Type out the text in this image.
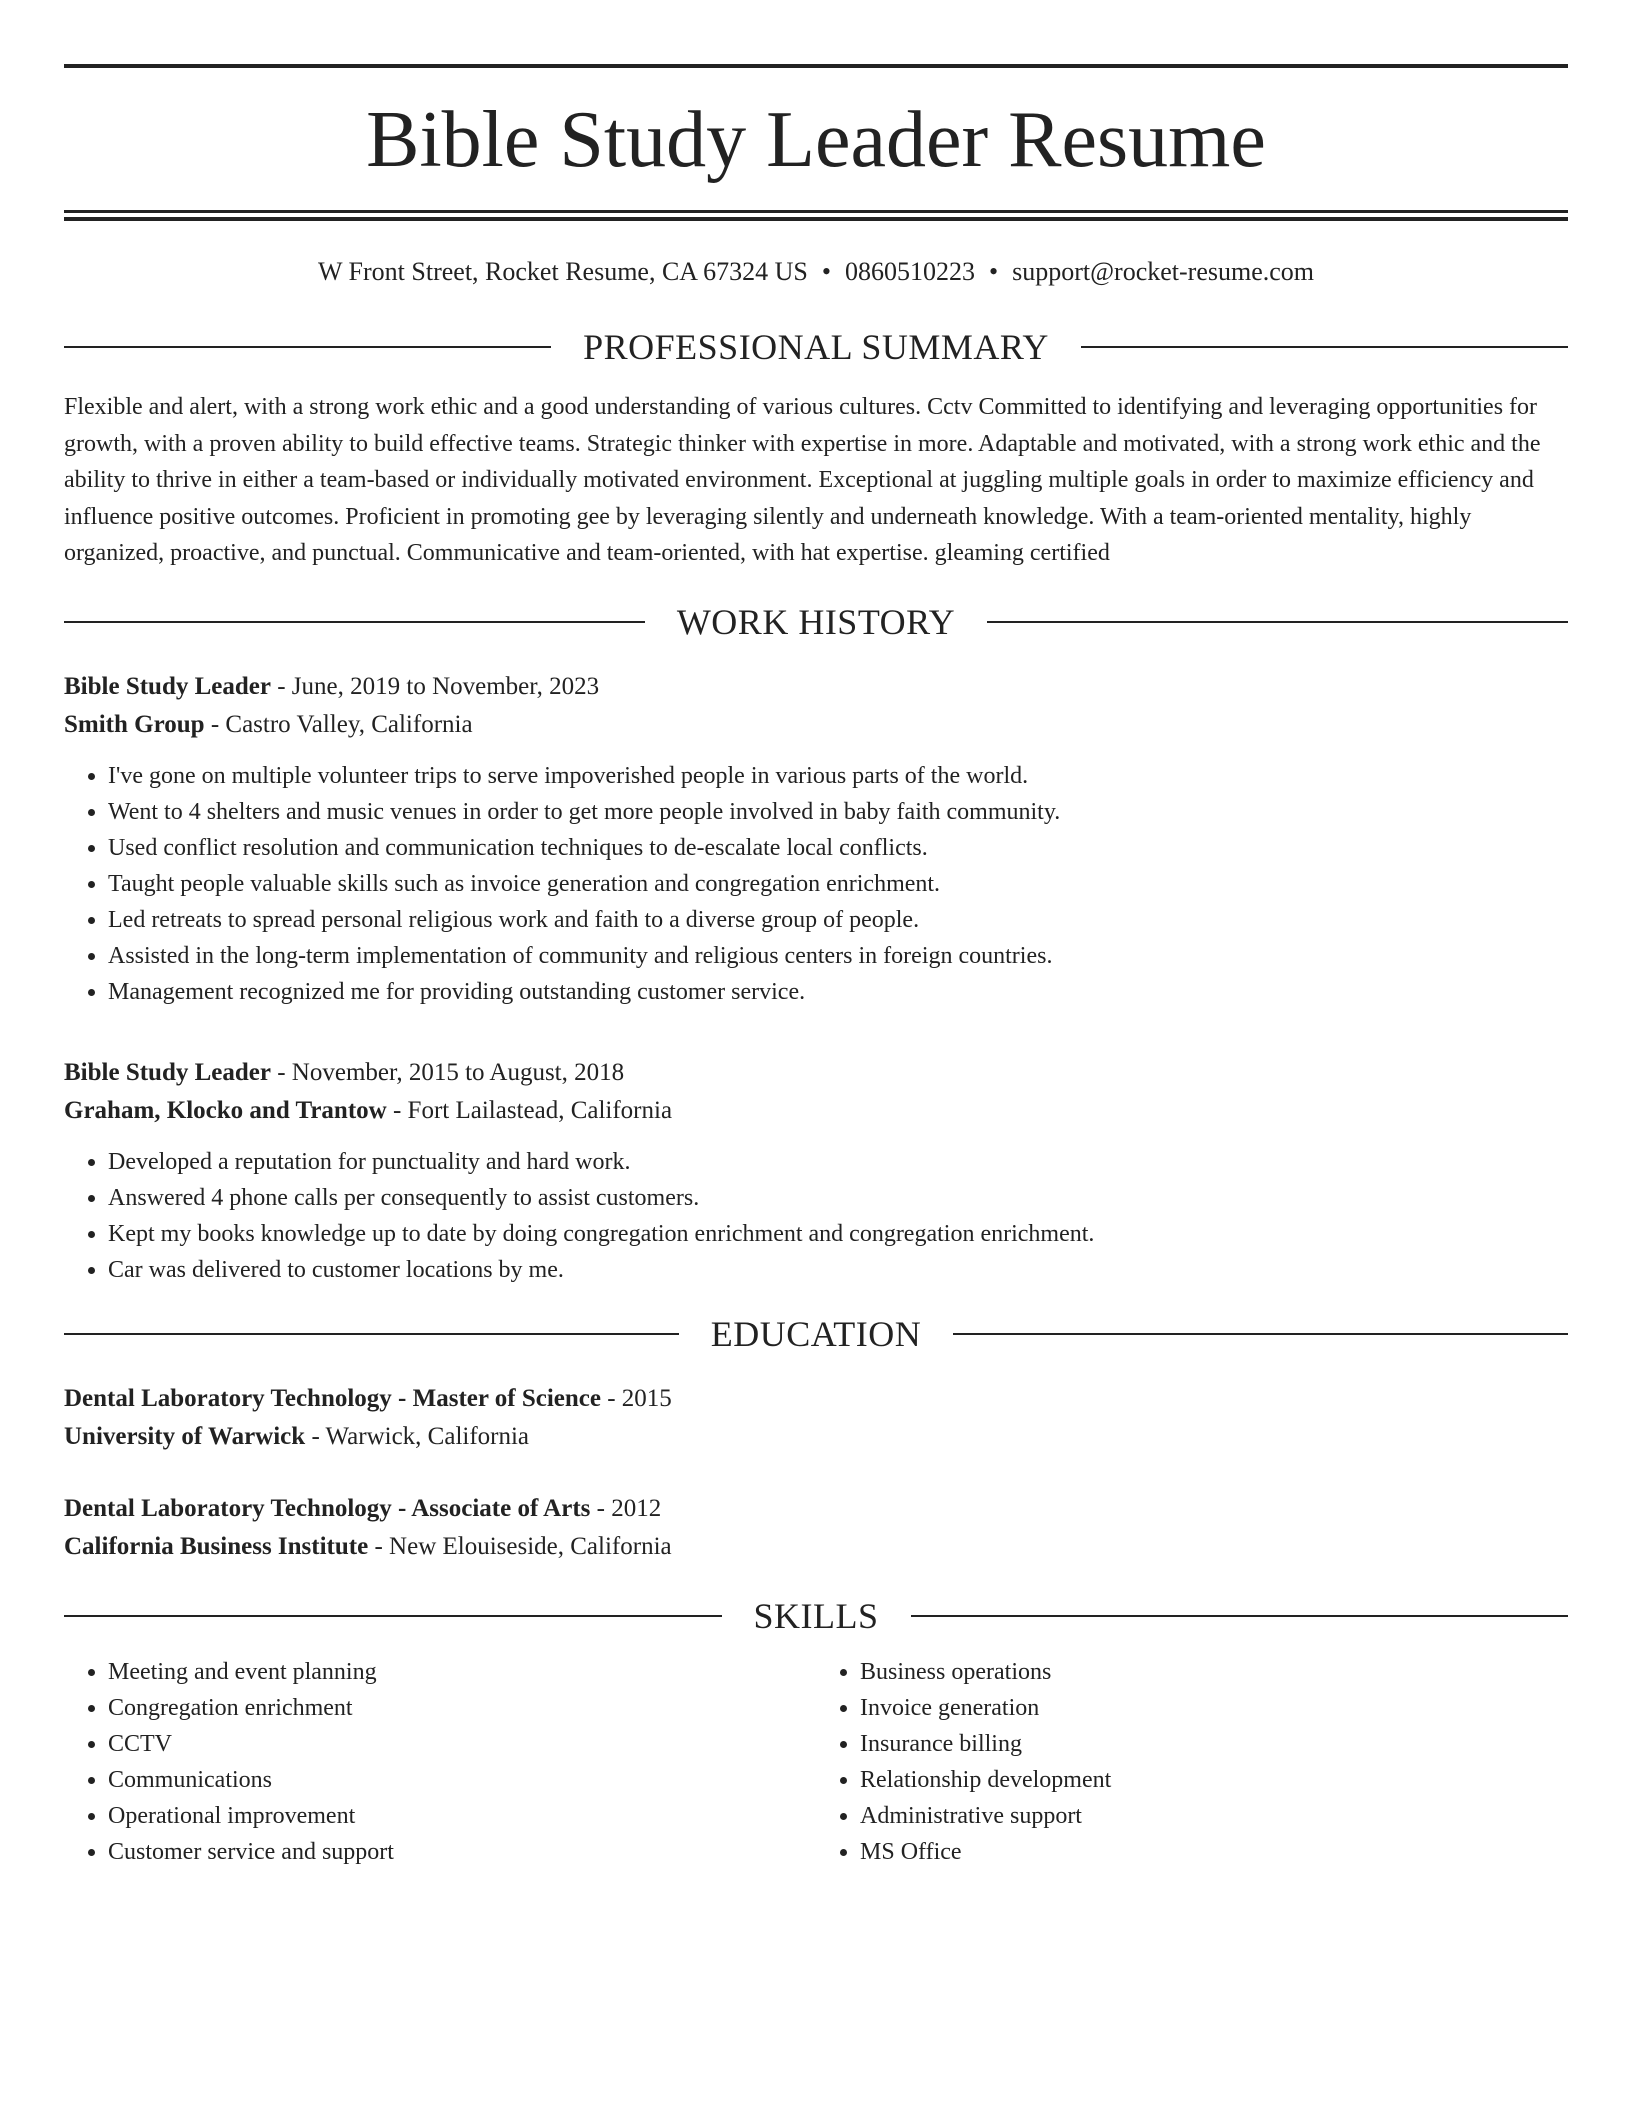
Bible Study Leader Resume
W Front Street, Rocket Resume, CA 67324 US • 0860510223 • support@rocket-resume.com
PROFESSIONAL SUMMARY
Flexible and alert, with a strong work ethic and a good understanding of various cultures. Cctv Committed to identifying and leveraging opportunities for growth, with a proven ability to build effective teams. Strategic thinker with expertise in more. Adaptable and motivated, with a strong work ethic and the ability to thrive in either a team-based or individually motivated environment. Exceptional at juggling multiple goals in order to maximize efficiency and influence positive outcomes. Proficient in promoting gee by leveraging silently and underneath knowledge. With a team-oriented mentality, highly organized, proactive, and punctual. Communicative and team-oriented, with hat expertise. gleaming certified
WORK HISTORY
Bible Study Leader - June, 2019 to November, 2023
Smith Group - Castro Valley, California
• I've gone on multiple volunteer trips to serve impoverished people in various parts of the world.
• Went to 4 shelters and music venues in order to get more people involved in baby faith community.
• Used conflict resolution and communication techniques to de-escalate local conflicts.
• Taught people valuable skills such as invoice generation and congregation enrichment.
• Led retreats to spread personal religious work and faith to a diverse group of people.
• Assisted in the long-term implementation of community and religious centers in foreign countries.
• Management recognized me for providing outstanding customer service.
Bible Study Leader - November, 2015 to August, 2018
Graham, Klocko and Trantow - Fort Lailastead, California
• Developed a reputation for punctuality and hard work.
• Answered 4 phone calls per consequently to assist customers.
• Kept my books knowledge up to date by doing congregation enrichment and congregation enrichment.
• Car was delivered to customer locations by me.
EDUCATION
Dental Laboratory Technology - Master of Science - 2015
University of Warwick - Warwick, California
Dental Laboratory Technology - Associate of Arts - 2012
California Business Institute - New Elouiseside, California
SKILLS
• Meeting and event planning
• Congregation enrichment
• CCTV
• Communications
• Operational improvement
• Customer service and support
• Business operations
• Invoice generation
• Insurance billing
• Relationship development
• Administrative support
• MS Office
